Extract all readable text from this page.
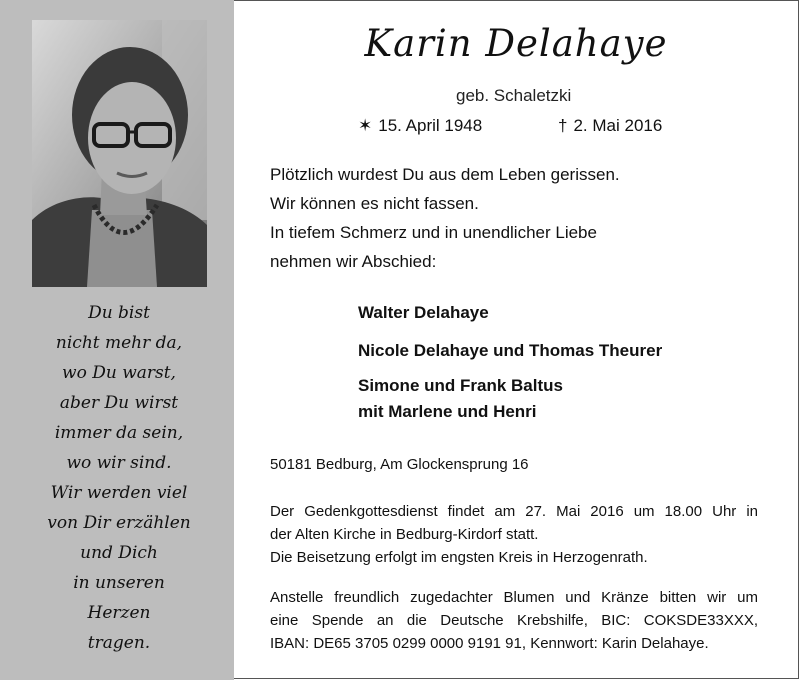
Du bist
nicht mehr da,
wo Du warst,
aber Du wirst
immer da sein,
wo wir sind.
Wir werden viel
von Dir erzählen
und Dich
in unseren
Herzen
tragen.
Karin Delahaye
geb. Schaletzki
✶ 15. April 1948	† 2. Mai 2016
Plötzlich wurdest Du aus dem Leben gerissen.
Wir können es nicht fassen.
In tiefem Schmerz und in unendlicher Liebe
nehmen wir Abschied:
Walter Delahaye
Nicole Delahaye und Thomas Theurer
Simone und Frank Baltus
mit Marlene und Henri
50181 Bedburg, Am Glockensprung 16
Der Gedenkgottesdienst findet am 27. Mai 2016 um 18.00 Uhr in
der Alten Kirche in Bedburg-Kirdorf statt.
Die Beisetzung erfolgt im engsten Kreis in Herzogenrath.
Anstelle freundlich zugedachter Blumen und Kränze bitten wir um
eine Spende an die Deutsche Krebshilfe, BIC: COKSDE33XXX,
IBAN: DE65 3705 0299 0000 9191 91, Kennwort: Karin Delahaye.
